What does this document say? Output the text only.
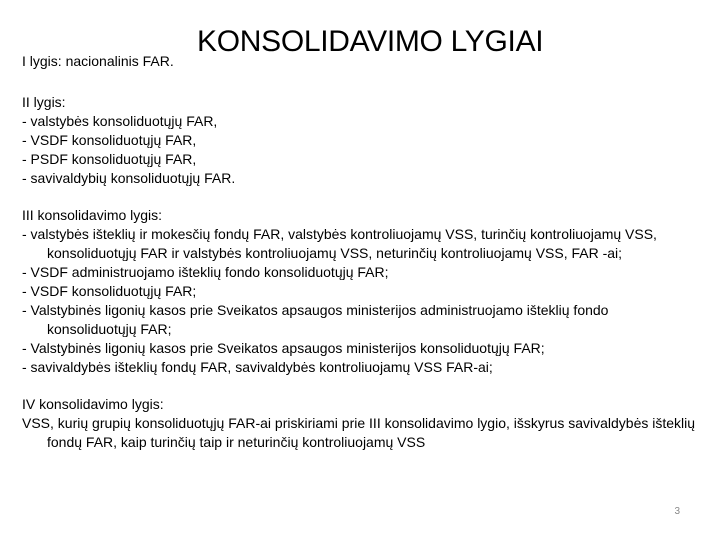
KONSOLIDAVIMO LYGIAI
I lygis: nacionalinis FAR.

II lygis:

- valstybės konsoliduotųjų FAR,

- VSDF konsoliduotųjų FAR,

- PSDF konsoliduotųjų FAR,

- savivaldybių konsoliduotųjų FAR.

III konsolidavimo lygis:

- valstybės išteklių ir mokesčių fondų FAR, valstybės kontroliuojamų VSS, turinčių kontroliuojamų VSS, konsoliduotųjų FAR ir valstybės kontroliuojamų VSS, neturinčių kontroliuojamų VSS, FAR -ai;

- VSDF administruojamo išteklių fondo konsoliduotųjų FAR;

- VSDF konsoliduotųjų FAR;

- Valstybinės ligonių kasos prie Sveikatos apsaugos ministerijos administruojamo išteklių fondo konsoliduotųjų FAR;

- Valstybinės ligonių kasos prie Sveikatos apsaugos ministerijos konsoliduotųjų FAR;

- savivaldybės išteklių fondų FAR, savivaldybės kontroliuojamų VSS FAR-ai;

IV konsolidavimo lygis:

VSS, kurių grupių konsoliduotųjų FAR-ai priskiriami prie III konsolidavimo lygio, išskyrus savivaldybės išteklių fondų FAR, kaip turinčių taip ir neturinčių kontroliuojamų VSS

3
